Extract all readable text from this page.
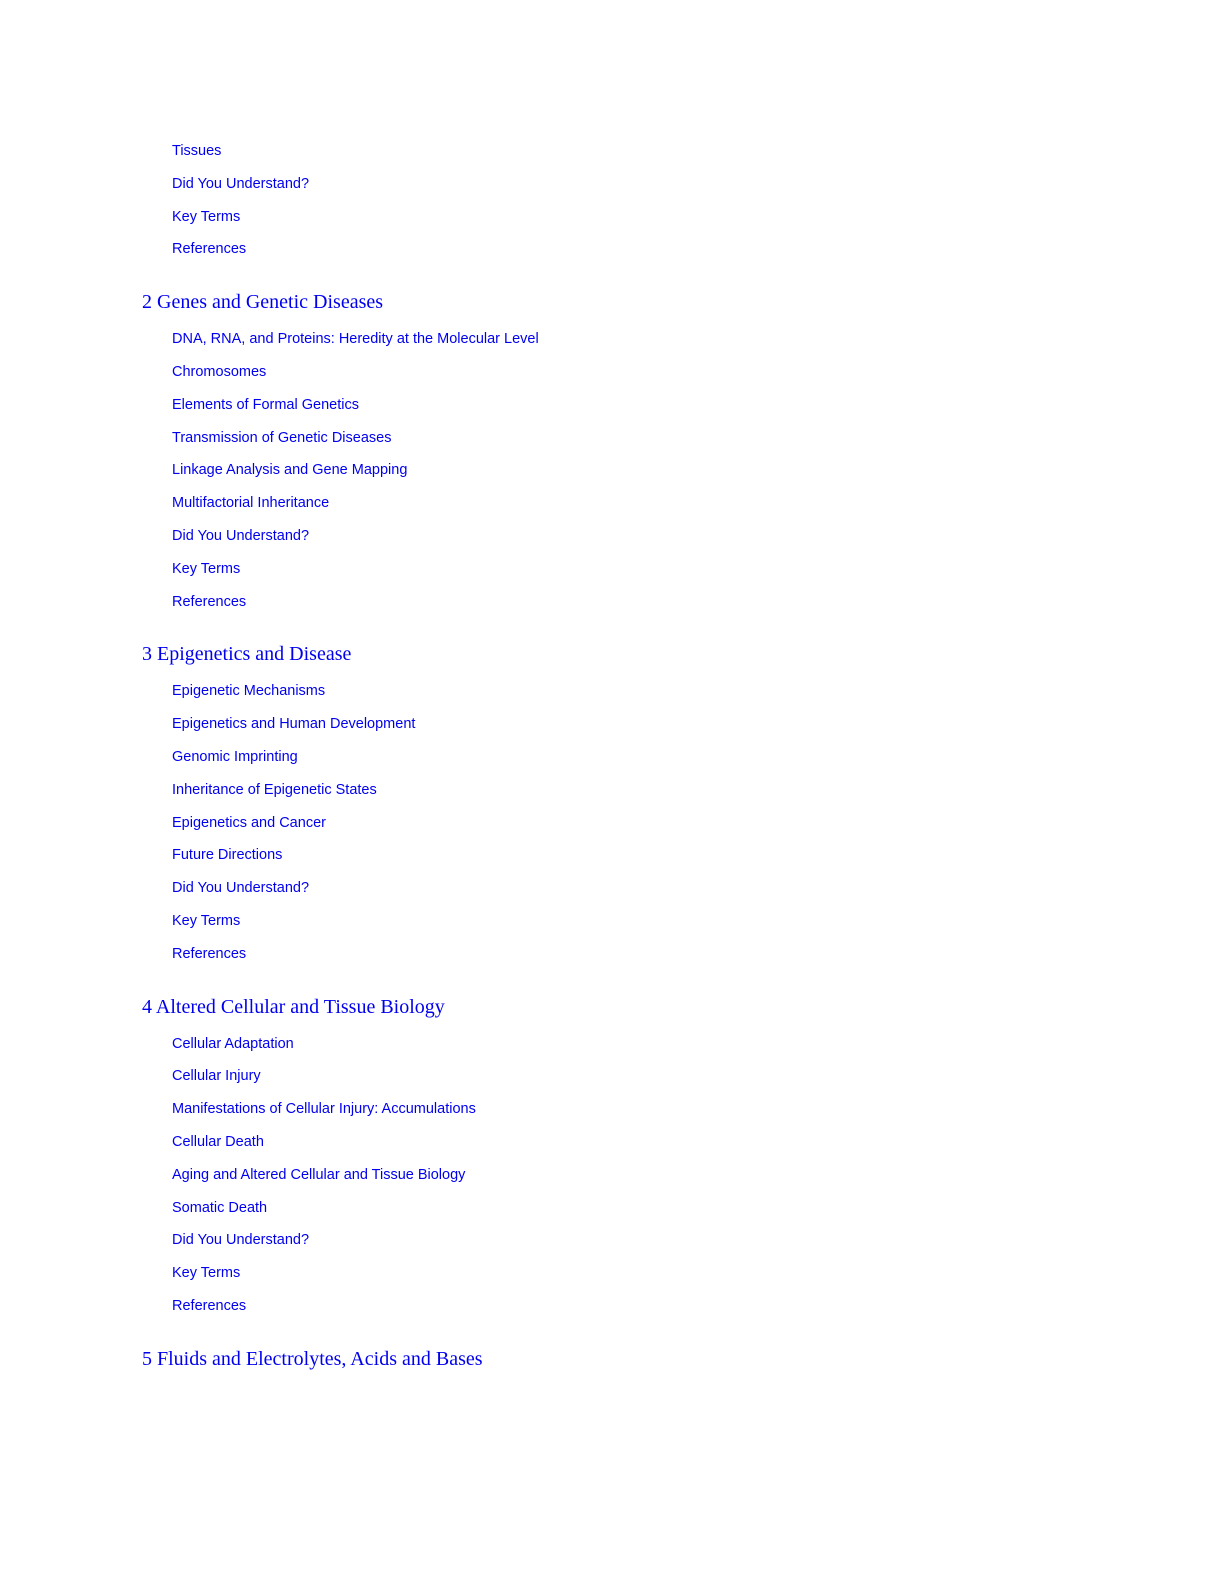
Tissues
Did You Understand?
Key Terms
References
2 Genes and Genetic Diseases
DNA, RNA, and Proteins: Heredity at the Molecular Level
Chromosomes
Elements of Formal Genetics
Transmission of Genetic Diseases
Linkage Analysis and Gene Mapping
Multifactorial Inheritance
Did You Understand?
Key Terms
References
3 Epigenetics and Disease
Epigenetic Mechanisms
Epigenetics and Human Development
Genomic Imprinting
Inheritance of Epigenetic States
Epigenetics and Cancer
Future Directions
Did You Understand?
Key Terms
References
4 Altered Cellular and Tissue Biology
Cellular Adaptation
Cellular Injury
Manifestations of Cellular Injury: Accumulations
Cellular Death
Aging and Altered Cellular and Tissue Biology
Somatic Death
Did You Understand?
Key Terms
References
5 Fluids and Electrolytes, Acids and Bases
